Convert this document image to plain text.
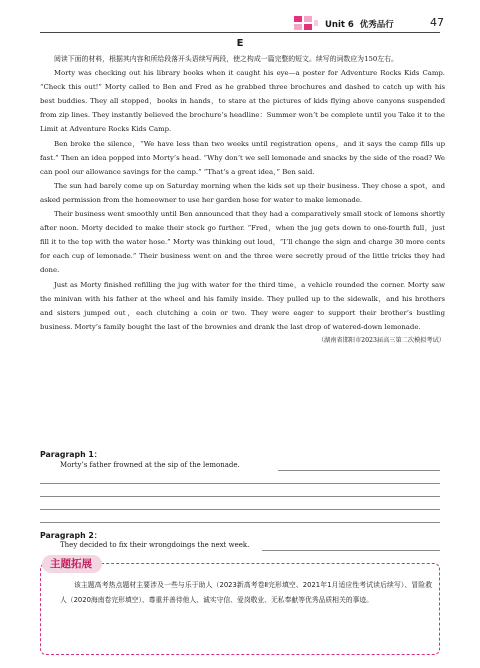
Unit 6 优秀品行	47
E

阅读下面的材料，根据其内容和所给段落开头语续写两段，使之构成一篇完整的短文。续写的词数应为150左右。

Morty was checking out his library books when it caught his eye—a poster for Adventure Rocks Kids Camp. “Check this out!” Morty called to Ben and Fred as he grabbed three brochures and dashed to catch up with his best buddies. They all stopped，books in hands，to stare at the pictures of kids flying above canyons suspended from zip lines. They instantly believed the brochure’s headline：Summer won’t be complete until you Take it to the Limit at Adventure Rocks Kids Camp.

Ben broke the silence，“We have less than two weeks until registration opens，and it says the camp fills up fast.” Then an idea popped into Morty’s head. “Why don’t we sell lemonade and snacks by the side of the road? We can pool our allowance savings for the camp.” “That’s a great idea，” Ben said.

The sun had barely come up on Saturday morning when the kids set up their business. They chose a spot，and asked permission from the homeowner to use her garden hose for water to make lemonade.

Their business went smoothly until Ben announced that they had a comparatively small stock of lemons shortly after noon. Morty decided to make their stock go further. “Fred，when the jug gets down to one-fourth full，just fill it to the top with the water hose.” Morty was thinking out loud，“I’ll change the sign and charge 30 more cents for each cup of lemonade.” Their business went on and the three were secretly proud of the little tricks they had done.

Just as Morty finished refilling the jug with water for the third time，a vehicle rounded the corner. Morty saw the minivan with his father at the wheel and his family inside. They pulled up to the sidewalk，and his brothers and sisters jumped out，each clutching a coin or two. They were eager to support their brother’s bustling business. Morty’s family bought the last of the brownies and drank the last drop of watered-down lemonade.

（湖南省邯阳市2023届高三第二次模拟考试）
Paragraph 1：
Morty’s father frowned at the sip of the lemonade.
主题拓展
该主题高考热点题材主要涉及一些与乐于助人（2023新高考卷Ⅱ完形填空、2021年1月适应性考试读后续写）、冒险救人（2020海南卷完形填空）、尊重并善待他人、诚实守信、爱岗敬业、无私奉献等优秀品质相关的事迹。
Paragraph 2：
They decided to fix their wrongdoings the next week.
